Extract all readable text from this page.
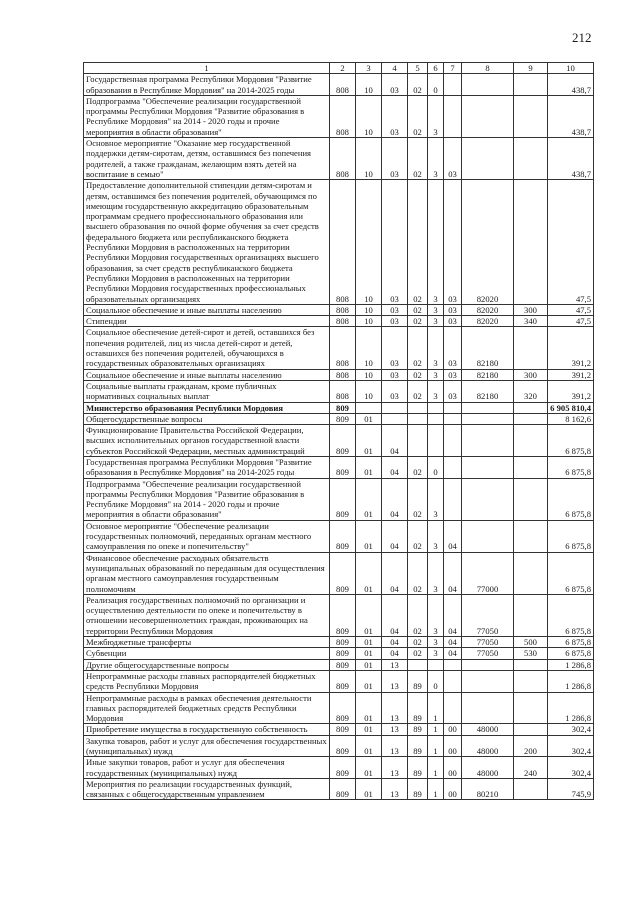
212
1	2	3	4	5	6	7	8	9	10
Государственная программа Республики Мордовия "Развитие образования в Республике Мордовия" на 2014-2025 годы	808	10	03	02	0				438,7
Подпрограмма "Обеспечение реализации государственной программы Республики Мордовия "Развитие образования в Республике Мордовия" на 2014 - 2020 годы и прочие мероприятия в области образования"	808	10	03	02	3				438,7
Основное мероприятие "Оказание мер государственной поддержки детям-сиротам, детям, оставшимся без попечения родителей, а также гражданам, желающим взять детей на воспитание в семью"	808	10	03	02	3	03			438,7
Предоставление дополнительной стипендии детям-сиротам и детям, оставшимся без попечения родителей, обучающимся по имеющим государственную аккредитацию образовательным программам среднего профессионального образования или высшего образования по очной форме обучения за счет средств федерального бюджета или республиканского бюджета Республики Мордовия в расположенных на территории Республики Мордовия государственных организациях высшего образования, за счет средств республиканского бюджета Республики Мордовия в расположенных на территории Республики Мордовия государственных профессиональных образовательных организациях	808	10	03	02	3	03	82020		47,5
Социальное обеспечение и иные выплаты населению	808	10	03	02	3	03	82020	300	47,5
Стипендии	808	10	03	02	3	03	82020	340	47,5
Социальное обеспечение детей-сирот и детей, оставшихся без попечения родителей, лиц из числа детей-сирот и детей, оставшихся без попечения родителей, обучающихся в государственных образовательных организациях	808	10	03	02	3	03	82180		391,2
Социальное обеспечение и иные выплаты населению	808	10	03	02	3	03	82180	300	391,2
Социальные выплаты гражданам, кроме публичных нормативных социальных выплат	808	10	03	02	3	03	82180	320	391,2
Министерство образования Республики Мордовия	809								6 905 810,4
Общегосударственные вопросы	809	01							8 162,6
Функционирование Правительства Российской Федерации, высших исполнительных органов государственной власти субъектов Российской Федерации, местных администраций	809	01	04						6 875,8
Государственная программа Республики Мордовия "Развитие образования в Республике Мордовия" на 2014-2025 годы	809	01	04	02	0				6 875,8
Подпрограмма "Обеспечение реализации государственной программы Республики Мордовия "Развитие образования в Республике Мордовия" на 2014 - 2020 годы и прочие мероприятия в области образования"	809	01	04	02	3				6 875,8
Основное мероприятие "Обеспечение реализации государственных полномочий, переданных органам местного самоуправления по опеке и попечительству"	809	01	04	02	3	04			6 875,8
Финансовое обеспечение расходных обязательств муниципальных образований по переданным для осуществления органам местного самоуправления государственным полномочиям	809	01	04	02	3	04	77000		6 875,8
Реализация государственных полномочий по организации и осуществлению деятельности по опеке и попечительству в отношении несовершеннолетних граждан, проживающих на территории Республики Мордовия	809	01	04	02	3	04	77050		6 875,8
Межбюджетные трансферты	809	01	04	02	3	04	77050	500	6 875,8
Субвенции	809	01	04	02	3	04	77050	530	6 875,8
Другие общегосударственные вопросы	809	01	13						1 286,8
Непрограммные расходы главных распорядителей бюджетных средств Республики Мордовия	809	01	13	89	0				1 286,8
Непрограммные расходы в рамках обеспечения деятельности главных распорядителей бюджетных средств Республики Мордовия	809	01	13	89	1				1 286,8
Приобретение имущества в государственную собственность	809	01	13	89	1	00	48000		302,4
Закупка товаров, работ и услуг для обеспечения государственных (муниципальных) нужд	809	01	13	89	1	00	48000	200	302,4
Иные закупки товаров, работ и услуг для обеспечения государственных (муниципальных) нужд	809	01	13	89	1	00	48000	240	302,4
Мероприятия по реализации государственных функций, связанных с общегосударственным управлением	809	01	13	89	1	00	80210		745,9
